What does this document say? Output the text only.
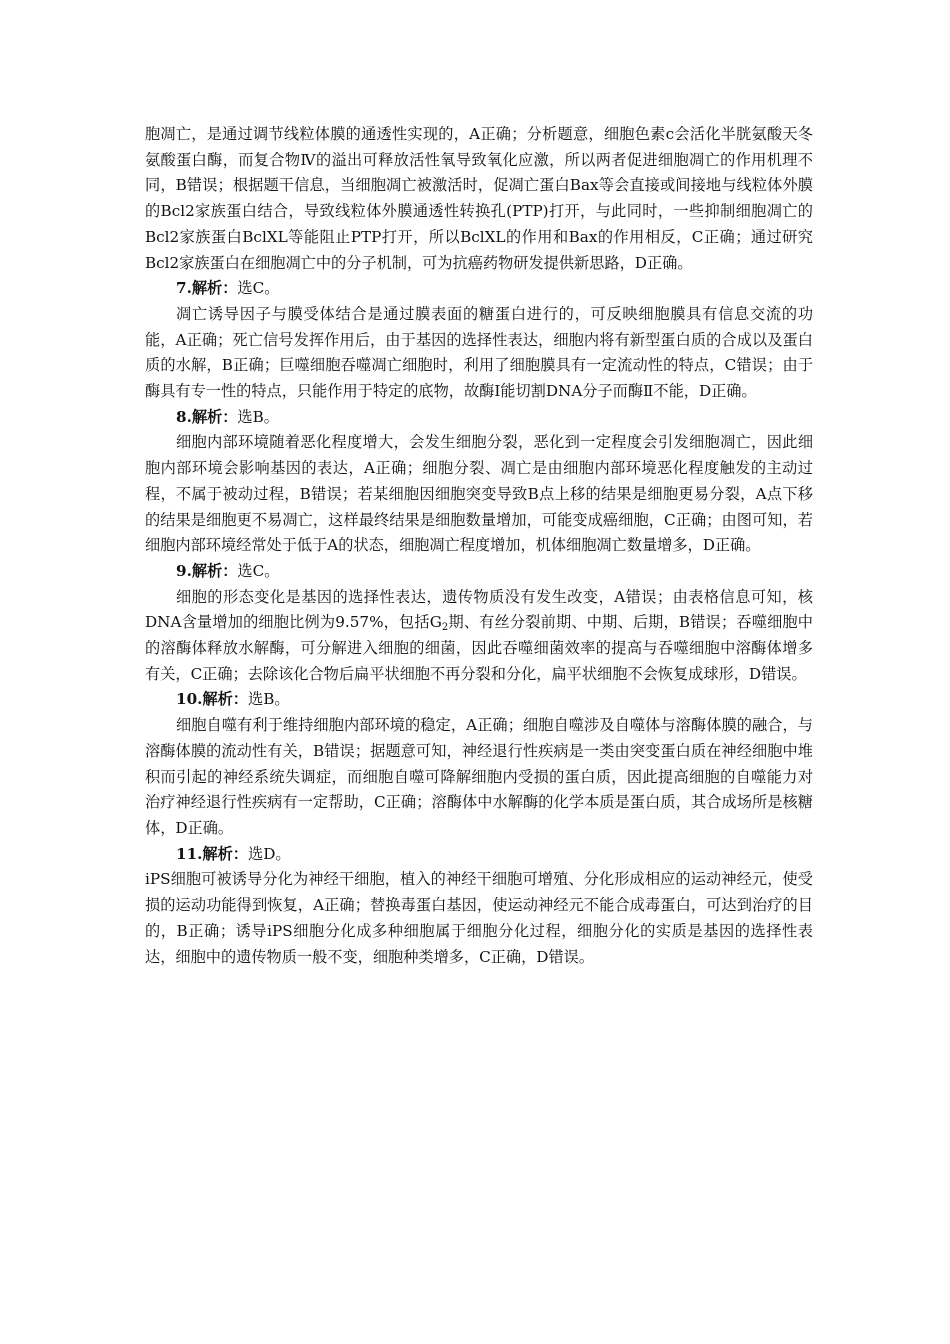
胞凋亡，是通过调节线粒体膜的通透性实现的，A正确；分析题意，细胞色素c会活化半胱氨酸天冬氨酸蛋白酶，而复合物Ⅳ的溢出可释放活性氧导致氧化应激，所以两者促进细胞凋亡的作用机理不同，B错误；根据题干信息，当细胞凋亡被激活时，促凋亡蛋白Bax等会直接或间接地与线粒体外膜的Bcl2家族蛋白结合，导致线粒体外膜通透性转换孔(PTP)打开，与此同时，一些抑制细胞凋亡的Bcl2家族蛋白BclXL等能阻止PTP打开，所以BclXL的作用和Bax的作用相反，C正确；通过研究Bcl2家族蛋白在细胞凋亡中的分子机制，可为抗癌药物研发提供新思路，D正确。

7.解析：选C。

凋亡诱导因子与膜受体结合是通过膜表面的糖蛋白进行的，可反映细胞膜具有信息交流的功能，A正确；死亡信号发挥作用后，由于基因的选择性表达，细胞内将有新型蛋白质的合成以及蛋白质的水解，B正确；巨噬细胞吞噬凋亡细胞时，利用了细胞膜具有一定流动性的特点，C错误；由于酶具有专一性的特点，只能作用于特定的底物，故酶Ⅰ能切割DNA分子而酶Ⅱ不能，D正确。

8.解析：选B。

细胞内部环境随着恶化程度增大，会发生细胞分裂，恶化到一定程度会引发细胞凋亡，因此细胞内部环境会影响基因的表达，A正确；细胞分裂、凋亡是由细胞内部环境恶化程度触发的主动过程，不属于被动过程，B错误；若某细胞因细胞突变导致B点上移的结果是细胞更易分裂，A点下移的结果是细胞更不易凋亡，这样最终结果是细胞数量增加，可能变成癌细胞，C正确；由图可知，若细胞内部环境经常处于低于A的状态，细胞凋亡程度增加，机体细胞凋亡数量增多，D正确。

9.解析：选C。

细胞的形态变化是基因的选择性表达，遗传物质没有发生改变，A错误；由表格信息可知，核DNA含量增加的细胞比例为9.57%，包括$G_2$期、有丝分裂前期、中期、后期，B错误；吞噬细胞中的溶酶体释放水解酶，可分解进入细胞的细菌，因此吞噬细菌效率的提高与吞噬细胞中溶酶体增多有关，C正确；去除该化合物后扁平状细胞不再分裂和分化，扁平状细胞不会恢复成球形，D错误。

10.解析：选B。

细胞自噬有利于维持细胞内部环境的稳定，A正确；细胞自噬涉及自噬体与溶酶体膜的融合，与溶酶体膜的流动性有关，B错误；据题意可知，神经退行性疾病是一类由突变蛋白质在神经细胞中堆积而引起的神经系统失调症，而细胞自噬可降解细胞内受损的蛋白质，因此提高细胞的自噬能力对治疗神经退行性疾病有一定帮助，C正确；溶酶体中水解酶的化学本质是蛋白质，其合成场所是核糖体，D正确。

11.解析：选D。

iPS细胞可被诱导分化为神经干细胞，植入的神经干细胞可增殖、分化形成相应的运动神经元，使受损的运动功能得到恢复，A正确；替换毒蛋白基因，使运动神经元不能合成毒蛋白，可达到治疗的目的，B正确；诱导iPS细胞分化成多种细胞属于细胞分化过程，细胞分化的实质是基因的选择性表达，细胞中的遗传物质一般不变，细胞种类增多，C正确，D错误。
